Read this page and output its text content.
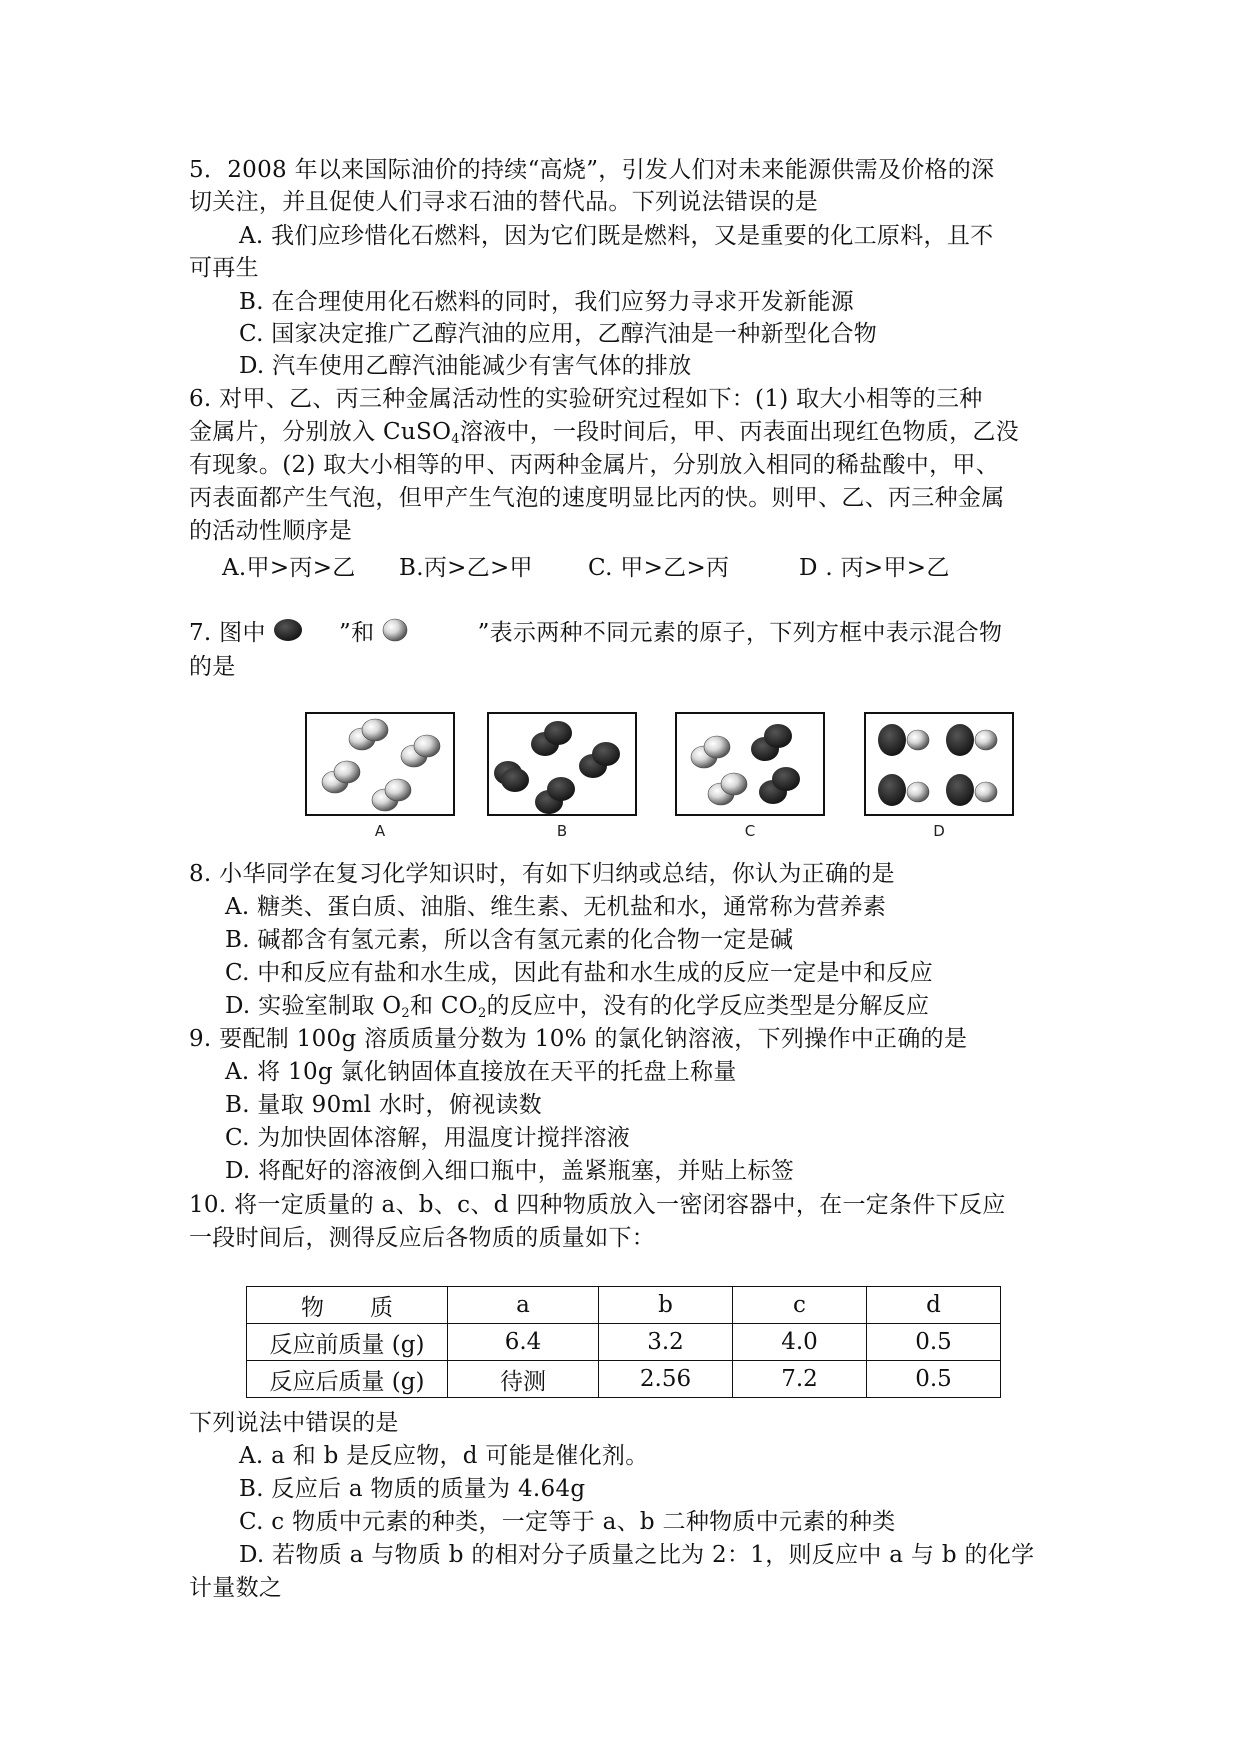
5．2008 年以来国际油价的持续“高烧”，引发人们对未来能源供需及价格的深
切关注，并且促使人们寻求石油的替代品。下列说法错误的是
A. 我们应珍惜化石燃料，因为它们既是燃料，又是重要的化工原料，且不
可再生
B. 在合理使用化石燃料的同时，我们应努力寻求开发新能源
C. 国家决定推广乙醇汽油的应用，乙醇汽油是一种新型化合物
D. 汽车使用乙醇汽油能减少有害气体的排放
6. 对甲、乙、丙三种金属活动性的实验研究过程如下：(1) 取大小相等的三种
金属片，分别放入 CuSO$_4$溶液中，一段时间后，甲、丙表面出现红色物质，乙没
有现象。(2) 取大小相等的甲、丙两种金属片，分别放入相同的稀盐酸中，甲、
丙表面都产生气泡，但甲产生气泡的速度明显比丙的快。则甲、乙、丙三种金属
的活动性顺序是
A.甲>丙>乙 B.丙>乙>甲 C. 甲>乙>丙	D . 丙>甲>乙
7. 图中	”和	”表示两种不同元素的原子，下列方框中表示混合物
的是
A	B	C	D
8. 小华同学在复习化学知识时，有如下归纳或总结，你认为正确的是
A. 糖类、蛋白质、油脂、维生素、无机盐和水，通常称为营养素
B. 碱都含有氢元素，所以含有氢元素的化合物一定是碱
C. 中和反应有盐和水生成，因此有盐和水生成的反应一定是中和反应
D. 实验室制取 $O_2$和 $CO_2$的反应中，没有的化学反应类型是分解反应
9. 要配制 100g 溶质质量分数为 10% 的氯化钠溶液，下列操作中正确的是
A. 将 10g 氯化钠固体直接放在天平的托盘上称量
B. 量取 90ml 水时，俯视读数
C. 为加快固体溶解，用温度计搅拌溶液
D. 将配好的溶液倒入细口瓶中，盖紧瓶塞，并贴上标签
10. 将一定质量的 a、b、c、d 四种物质放入一密闭容器中，在一定条件下反应
一段时间后，测得反应后各物质的质量如下：
物　　质	a	b	c	d
反应前质量 (g)	6.4	3.2	4.0	0.5
反应后质量 (g)	待测	2.56	7.2	0.5
下列说法中错误的是
A. a 和 b 是反应物，d 可能是催化剂。
B. 反应后 a 物质的质量为 4.64g
C. c 物质中元素的种类，一定等于 a、b 二种物质中元素的种类
D. 若物质 a 与物质 b 的相对分子质量之比为 2：1，则反应中 a 与 b 的化学
计量数之
